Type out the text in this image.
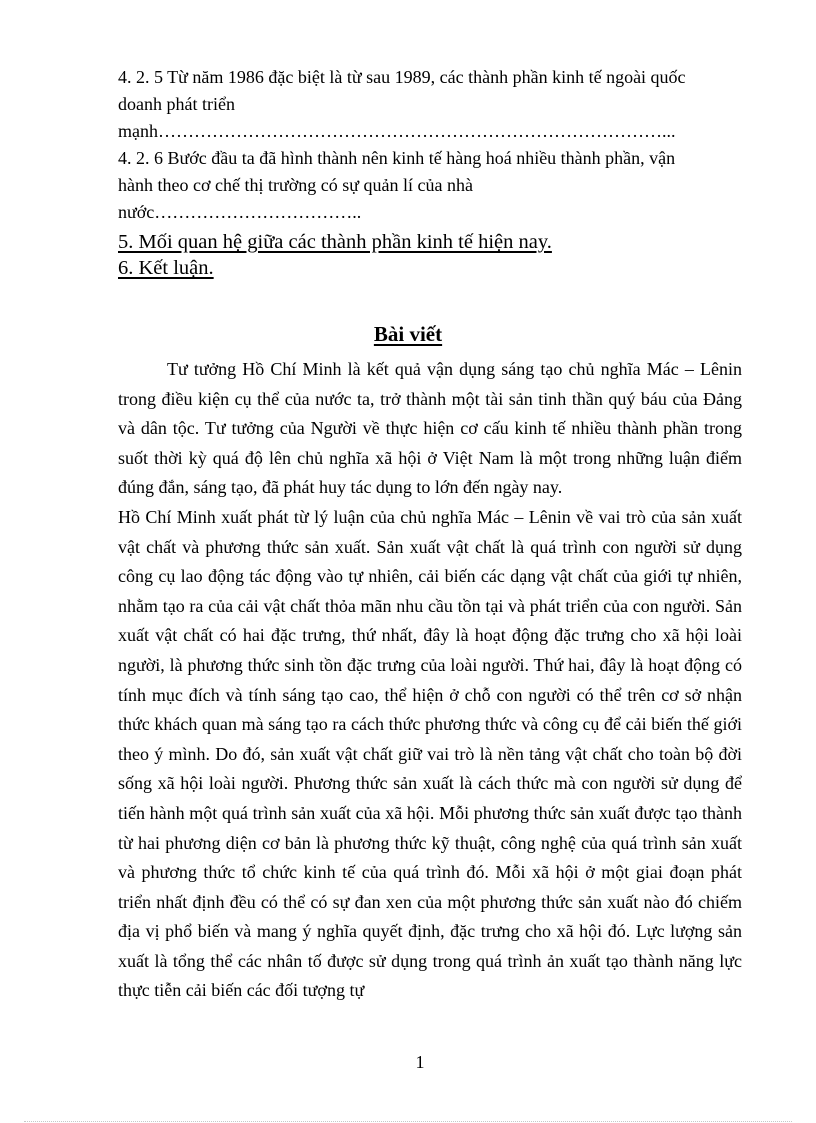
4. 2. 5 Từ năm 1986 đặc biệt là từ sau 1989, các thành phần kinh tế ngoài quốc

doanh phát triển

mạnh…………………………………………………………………………...

4. 2. 6 Bước đầu ta đã hình thành nên kinh tế hàng hoá nhiều thành phần, vận

hành theo cơ chế thị trường có sự quản lí của nhà

nước……………………………..

5. Mối quan hệ giữa các thành phần kinh tế hiện nay.

6. Kết luận.

Bài viết

Tư tưởng Hồ Chí Minh là kết quả vận dụng sáng tạo chủ nghĩa Mác – Lênin trong điều kiện cụ thể của nước ta, trở thành một tài sản tinh thần quý báu của Đảng và dân tộc. Tư tưởng của Người về thực hiện cơ cấu kinh tế nhiều thành phần trong suốt thời kỳ quá độ lên chủ nghĩa xã hội ở Việt Nam là một trong những luận điểm đúng đắn, sáng tạo, đã phát huy tác dụng to lớn đến ngày nay.

Hồ Chí Minh xuất phát từ lý luận của chủ nghĩa Mác – Lênin về vai trò của sản xuất vật chất và phương thức sản xuất. Sản xuất vật chất là quá trình con người sử dụng công cụ lao động tác động vào tự nhiên, cải biến các dạng vật chất của giới tự nhiên, nhằm tạo ra của cải vật chất thỏa mãn nhu cầu tồn tại và phát triển của con người. Sản xuất vật chất có hai đặc trưng, thứ nhất, đây là hoạt động đặc trưng cho xã hội loài người, là phương thức sinh tồn đặc trưng của loài người. Thứ hai, đây là hoạt động có tính mục đích và tính sáng tạo cao, thể hiện ở chỗ con người có thể trên cơ sở nhận thức khách quan mà sáng tạo ra cách thức phương thức và công cụ để cải biến thế giới theo ý mình. Do đó, sản xuất vật chất giữ vai trò là nền tảng vật chất cho toàn bộ đời sống xã hội loài người. Phương thức sản xuất là cách thức mà con người sử dụng để tiến hành một quá trình sản xuất của xã hội. Mỗi phương thức sản xuất được tạo thành từ hai phương diện cơ bản là phương thức kỹ thuật, công nghệ của quá trình sản xuất và phương thức tổ chức kinh tế của quá trình đó. Mỗi xã hội ở một giai đoạn phát triển nhất định đều có thể có sự đan xen của một phương thức sản xuất nào đó chiếm địa vị phổ biến và mang ý nghĩa quyết định, đặc trưng cho xã hội đó. Lực lượng sản xuất là tổng thể các nhân tố được sử dụng trong quá trình ản xuất tạo thành năng lực thực tiễn cải biến các đối tượng tự

1
